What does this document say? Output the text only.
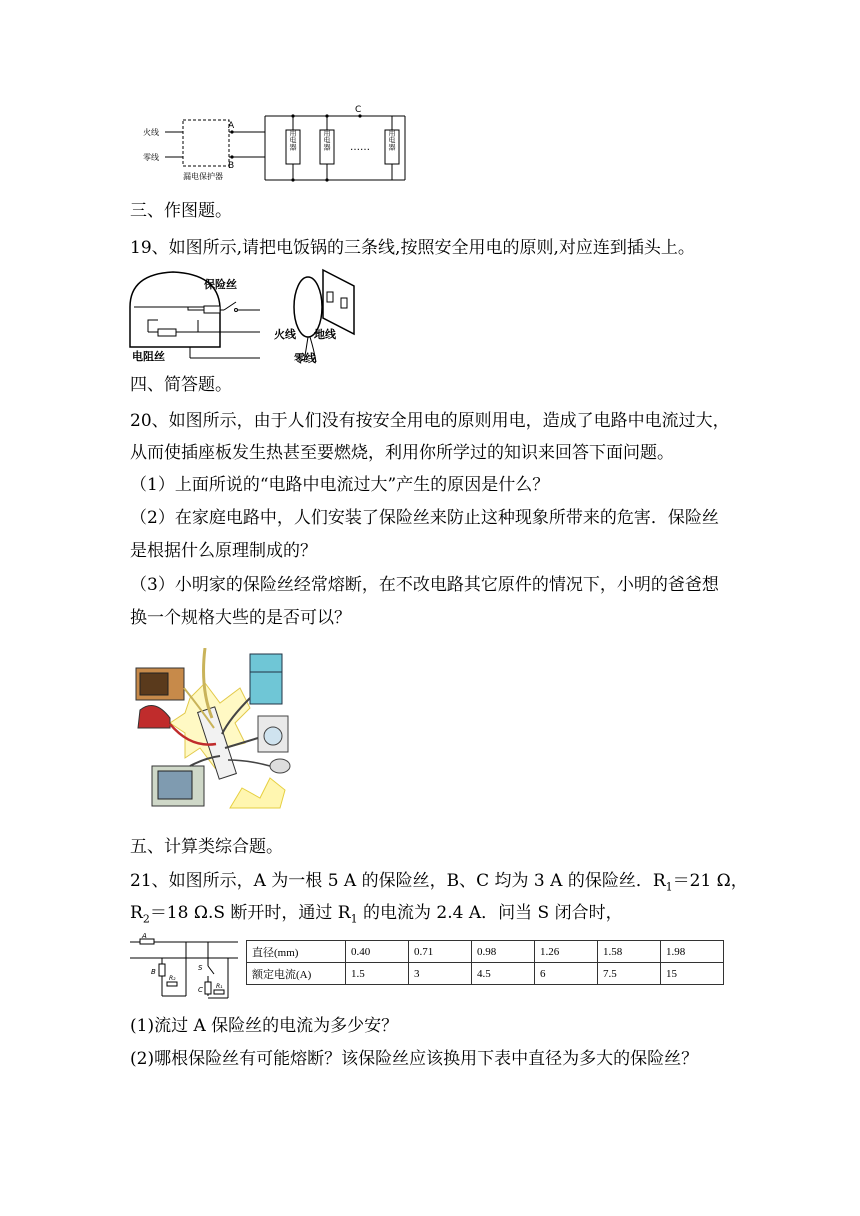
火线
零线
漏电保护器
A
B
C
用电器	用电器 ……	用电器
三、作图题。
19、如图所示,请把电饭锅的三条线,按照安全用电的原则,对应连到插头上。
保险丝
电阻丝
火线 地线
零线
四、简答题。
20、如图所示，由于人们没有按安全用电的原则用电，造成了电路中电流过大，
从而使插座板发生热甚至要燃烧，利用你所学过的知识来回答下面问题。
（1）上面所说的“电路中电流过大”产生的原因是什么？
（2）在家庭电路中，人们安装了保险丝来防止这种现象所带来的危害．保险丝
是根据什么原理制成的？
（3）小明家的保险丝经常熔断，在不改电路其它原件的情况下，小明的爸爸想
换一个规格大些的是否可以？
五、计算类综合题。
21、如图所示，A 为一根 5 A 的保险丝，B、C 均为 3 A 的保险丝．$R_1=21$ Ω，
$R_2=18$ Ω.S 断开时，通过 $R_1$ 的电流为 2.4 A．问当 S 闭合时，
A
B
R₂
S
C R₁
直径(mm)	0.40	0.71	0.98	1.26	1.58	1.98
额定电流(A)	1.5	3	4.5	6	7.5	15
(1)流过 A 保险丝的电流为多少安？
(2)哪根保险丝有可能熔断？该保险丝应该换用下表中直径为多大的保险丝？
